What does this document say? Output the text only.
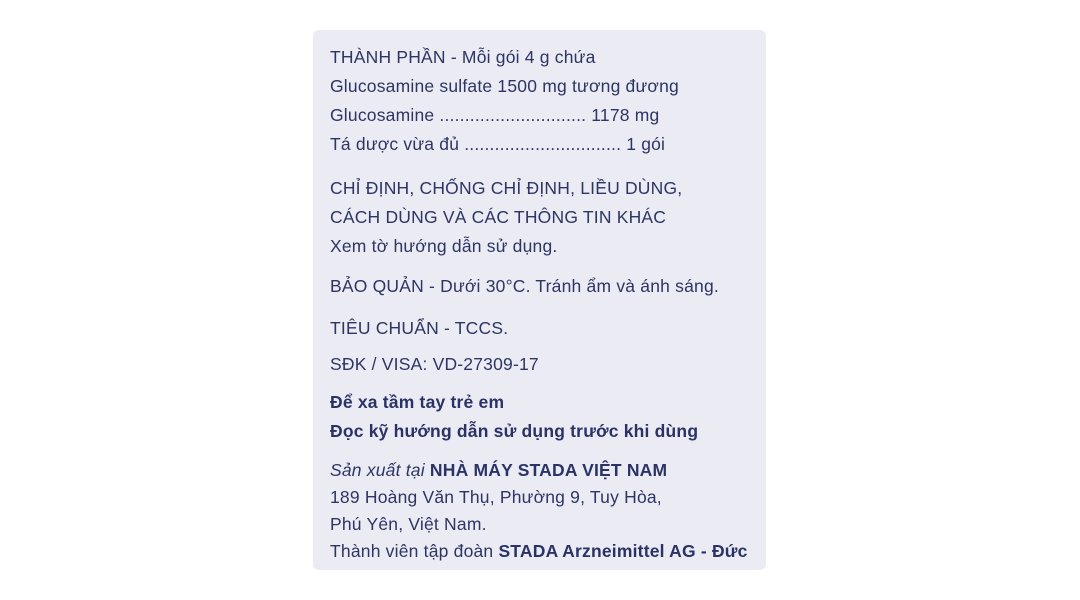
THÀNH PHẦN - Mỗi gói 4 g chứa
Glucosamine sulfate 1500 mg tương đương
Glucosamine ............................. 1178 mg
Tá dược vừa đủ ............................... 1 gói
CHỈ ĐỊNH, CHỐNG CHỈ ĐỊNH, LIỀU DÙNG,
CÁCH DÙNG VÀ CÁC THÔNG TIN KHÁC
Xem tờ hướng dẫn sử dụng.
BẢO QUẢN - Dưới 30°C. Tránh ẩm và ánh sáng.
TIÊU CHUẨN - TCCS.
SĐK / VISA: VD-27309-17
Để xa tầm tay trẻ em
Đọc kỹ hướng dẫn sử dụng trước khi dùng
Sản xuất tại NHÀ MÁY STADA VIỆT NAM
189 Hoàng Văn Thụ, Phường 9, Tuy Hòa,
Phú Yên, Việt Nam.
Thành viên tập đoàn STADA Arzneimittel AG - Đức
